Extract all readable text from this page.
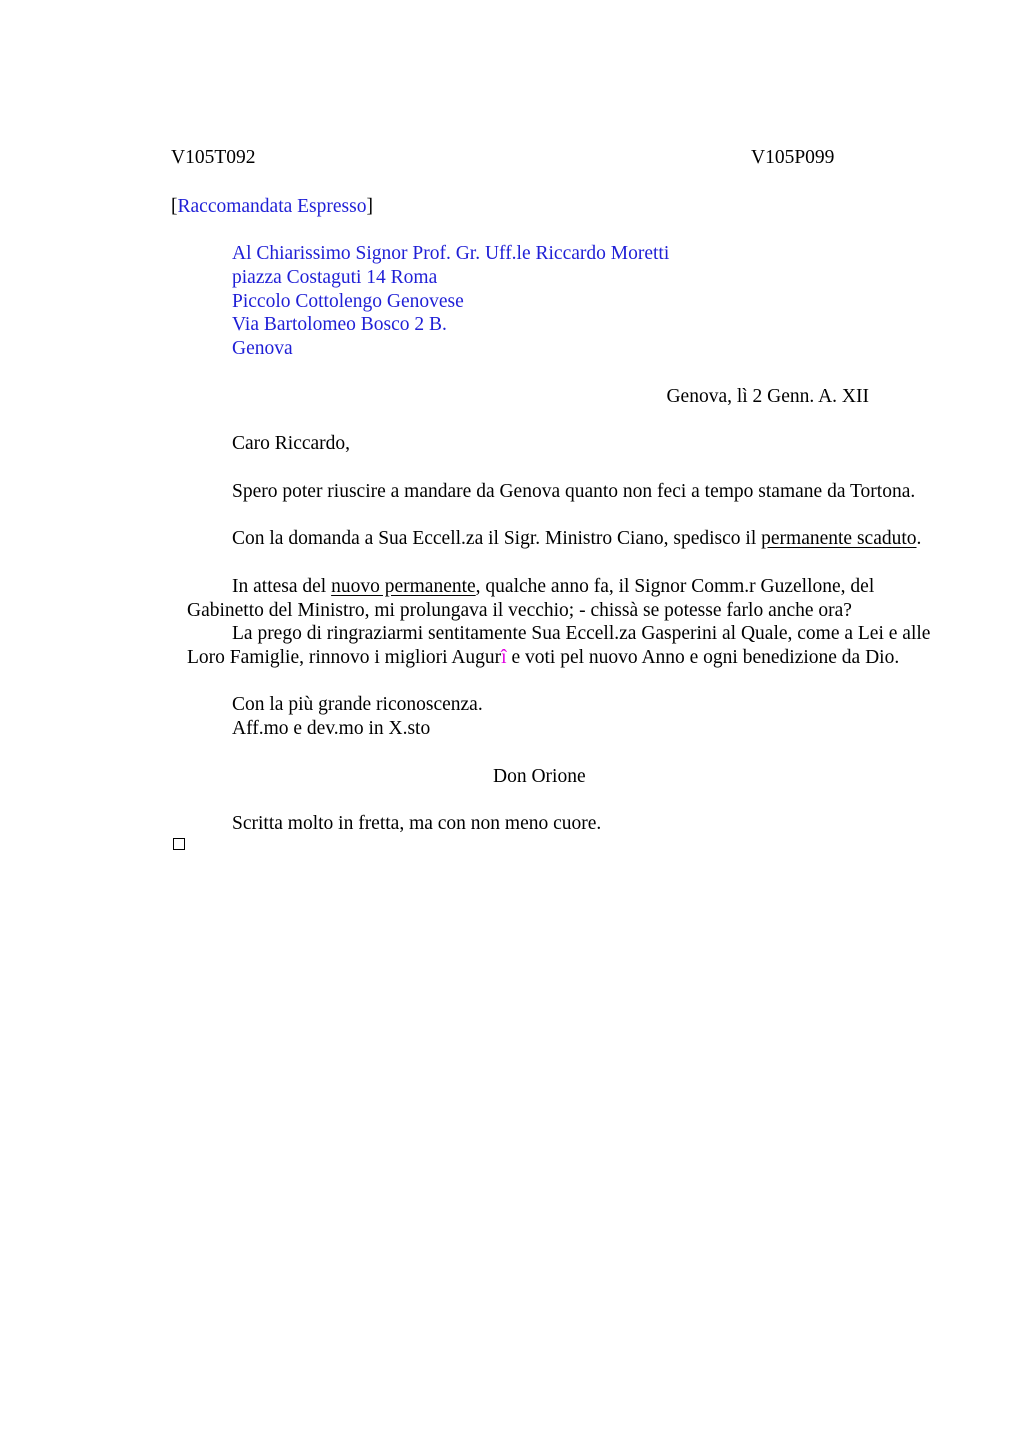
V105T092	V105P099
[Raccomandata Espresso]
Al Chiarissimo Signor Prof. Gr. Uff.le Riccardo Moretti
piazza Costaguti 14 Roma
Piccolo Cottolengo Genovese
Via Bartolomeo Bosco 2 B.
Genova
Genova, lì 2 Genn. A. XII
Caro Riccardo,
Spero poter riuscire a mandare da Genova quanto non feci a tempo stamane da Tortona.
Con la domanda a Sua Eccell.za il Sigr. Ministro Ciano, spedisco il permanente scaduto.
In attesa del nuovo permanente, qualche anno fa, il Signor Comm.r Guzellone, del Gabinetto del Ministro, mi prolungava il vecchio; - chissà se potesse farlo anche ora?
La prego di ringraziarmi sentitamente Sua Eccell.za Gasperini al Quale, come a Lei e alle Loro Famiglie, rinnovo i migliori Augurî e voti pel nuovo Anno e ogni benedizione da Dio.
Con la più grande riconoscenza.
Aff.mo e dev.mo in X.sto
Don Orione
Scritta molto in fretta, ma con non meno cuore.
